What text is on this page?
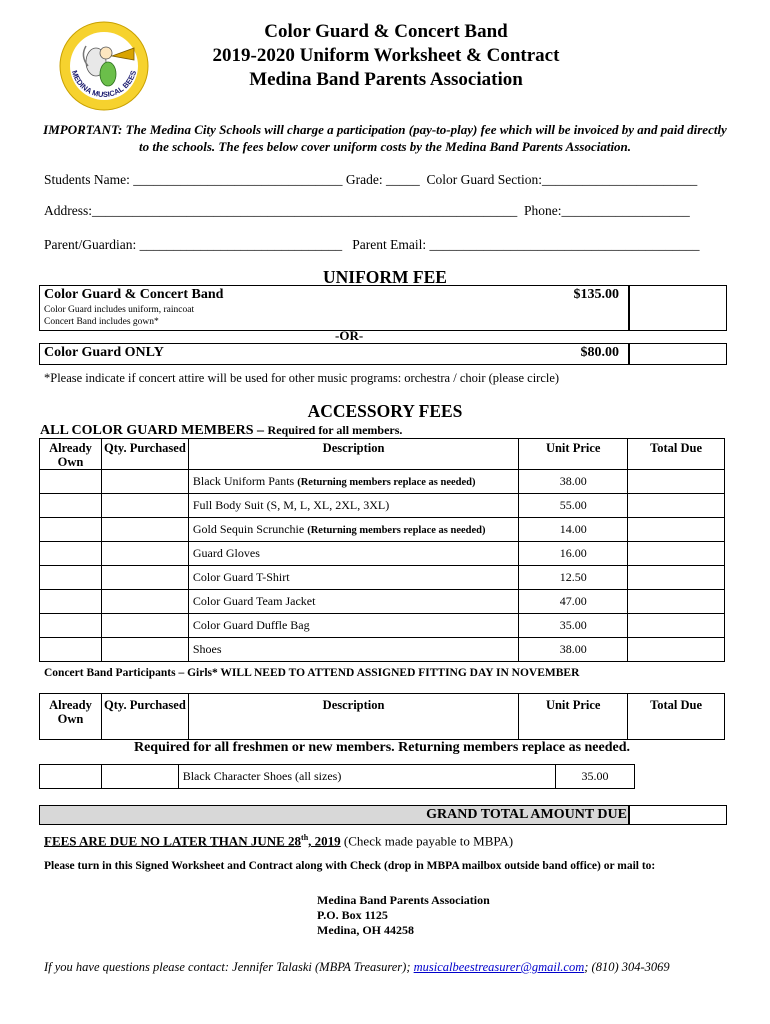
MEDINA MUSICAL BEES
Color Guard & Concert Band
2019-2020 Uniform Worksheet & Contract
Medina Band Parents Association
IMPORTANT: The Medina City Schools will charge a participation (pay-to-play) fee which will be invoiced by and paid directly to the schools. The fees below cover uniform costs by the Medina Band Parents Association.
Students Name: _______________________________ Grade: _____  Color Guard Section:_______________________
Address:_______________________________________________________________  Phone:___________________
Parent/Guardian: ______________________________   Parent Email: ________________________________________
UNIFORM FEE
Color Guard & Concert Band	$135.00
Color Guard includes uniform, raincoat
Concert Band includes gown*
-OR-
Color Guard ONLY	$80.00
*Please indicate if concert attire will be used for other music programs: orchestra / choir (please circle)
ACCESSORY FEES
ALL COLOR GUARD MEMBERS – Required for all members.
Already Own	Qty. Purchased	Description	Unit Price	Total Due
		Black Uniform Pants (Returning members replace as needed)	38.00	
		Full Body Suit (S, M, L, XL, 2XL, 3XL)	55.00	
		Gold Sequin Scrunchie (Returning members replace as needed)	14.00	
		Guard Gloves	16.00	
		Color Guard T-Shirt	12.50	
		Color Guard Team Jacket	47.00	
		Color Guard Duffle Bag	35.00	
		Shoes	38.00	
Concert Band Participants – Girls* WILL NEED TO ATTEND ASSIGNED FITTING DAY IN NOVEMBER
Already Own	Qty. Purchased	Description	Unit Price	Total Due
Required for all freshmen or new members. Returning members replace as needed.
		Black Character Shoes (all sizes)	35.00
GRAND TOTAL AMOUNT DUE
FEES ARE DUE NO LATER THAN JUNE 28th, 2019 (Check made payable to MBPA)
Please turn in this Signed Worksheet and Contract along with Check (drop in MBPA mailbox outside band office) or mail to:
Medina Band Parents Association
P.O. Box 1125
Medina, OH 44258
If you have questions please contact: Jennifer Talaski (MBPA Treasurer); musicalbeestreasurer@gmail.com; (810) 304-3069
